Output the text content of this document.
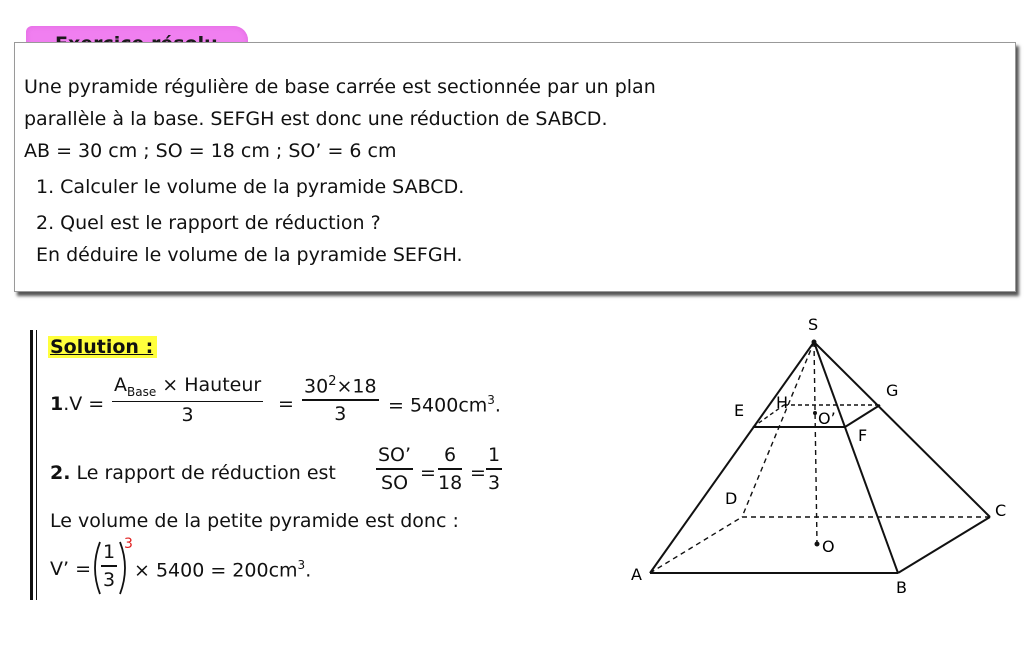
Une pyramide régulière de base carrée est sectionnée par un plan
parallèle à la base. SEFGH est donc une réduction de SABCD.
AB = 30 cm ; SO = 18 cm ; SO’ = 6 cm
1. Calculer le volume de la pyramide SABCD.
2. Quel est le rapport de réduction ?
En déduire le volume de la pyramide SEFGH.
Solution :
1.V =
$A_{Base}$ × Hauteur
3
=
$30^2\times 18$
3	= $5400cm^3$.
2. Le rapport de réduction est
SO’
SO =
6
18 =
1
3
Le volume de la petite pyramide est donc :
V’ =
1
3
3
× $5400 = 200cm^3$.
S
G
E H
O’
F
D
C
O
A
B
